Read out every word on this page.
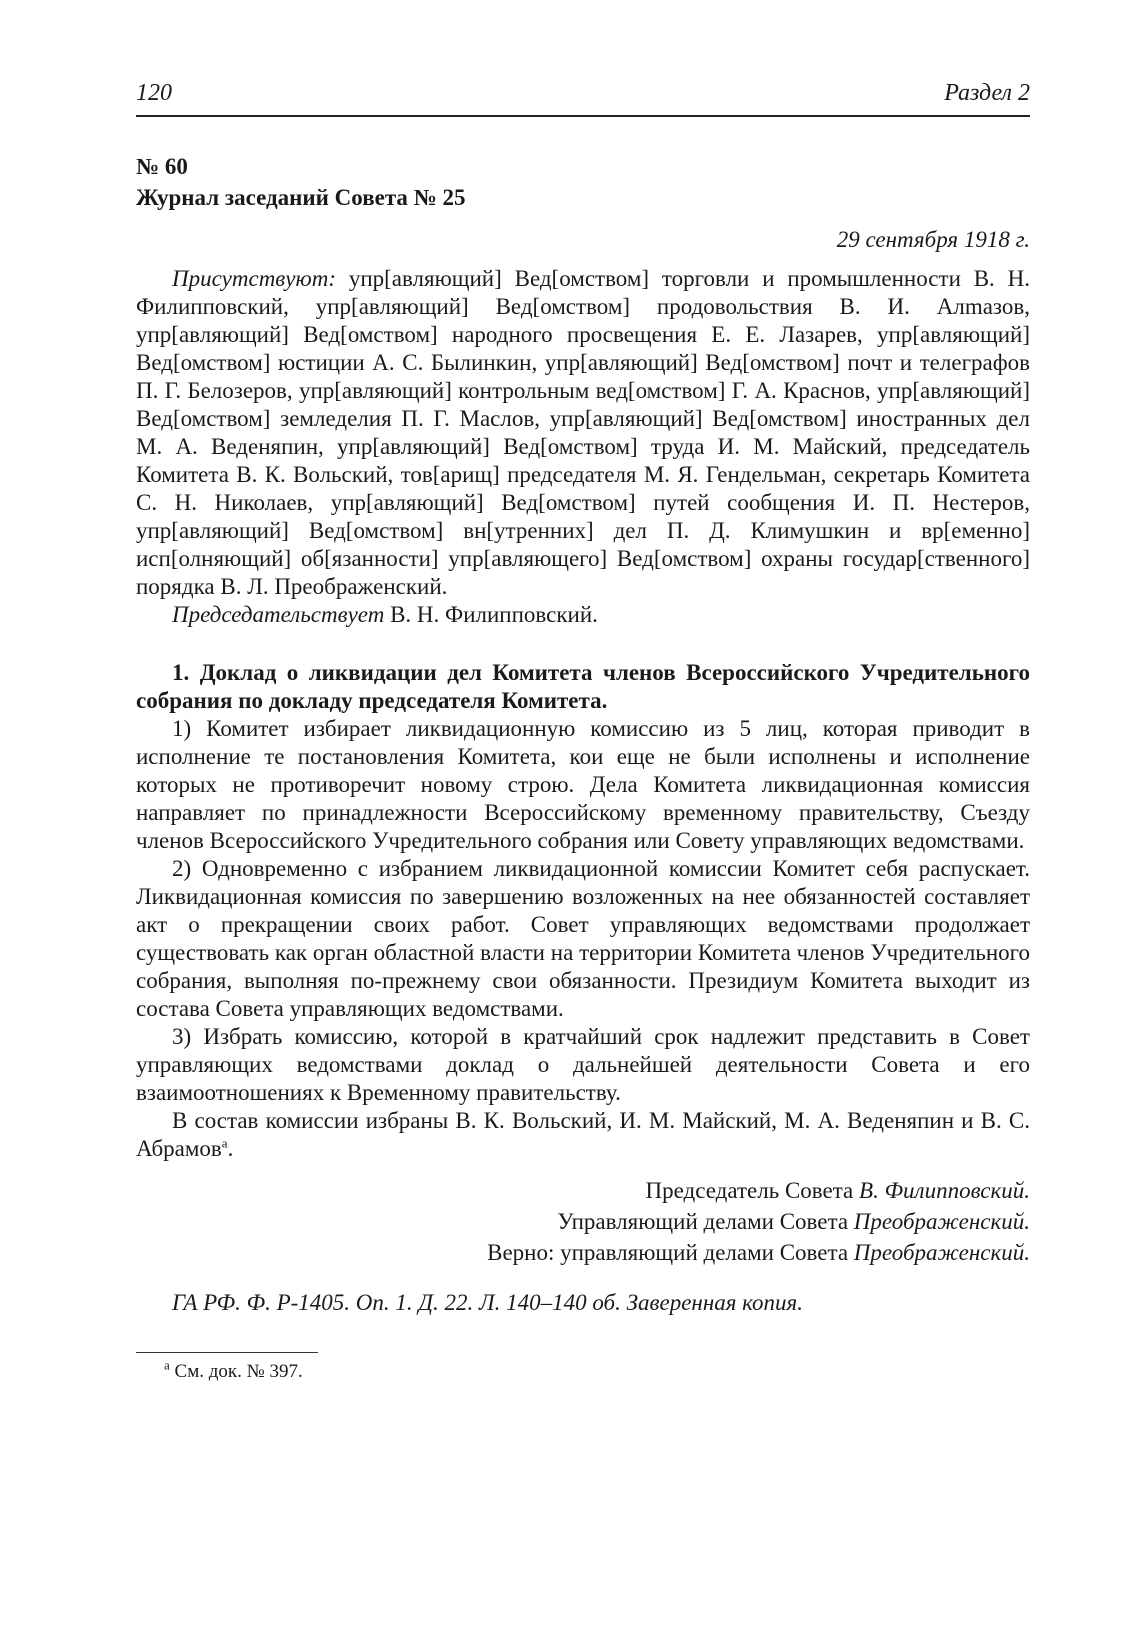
120	Раздел 2
№ 60
Журнал заседаний Совета № 25
29 сентября 1918 г.

Присутствуют: упр[авляющий] Вед[омством] торговли и промышленности В. Н. Филипповский, упр[авляющий] Вед[омством] продовольствия В. И. Алmазов, упр[авляющий] Вед[омством] народного просвещения Е. Е. Лазарев, упр[авляющий] Вед[омством] юстиции А. С. Былинкин, упр[авляющий] Вед[омством] почт и телеграфов П. Г. Белозеров, упр[авляющий] контрольным вед[омством] Г. А. Краснов, упр[авляющий] Вед[омством] земледелия П. Г. Маслов, упр[авляющий] Вед[омством] иностранных дел М. А. Веденяпин, упр[авляющий] Вед[омством] труда И. М. Майский, председатель Комитета В. К. Вольский, тов[арищ] председателя М. Я. Гендельман, секретарь Комитета С. Н. Николаев, упр[авляющий] Вед[омством] путей сообщения И. П. Нестеров, упр[авляющий] Вед[омством] вн[утренних] дел П. Д. Климушкин и вр[еменно] исп[олняющий] об[язанности] упр[авляющего] Вед[омством] охраны государ[ственного] порядка В. Л. Преображенский.

Председательствует В. Н. Филипповский.

1. Доклад о ликвидации дел Комитета членов Всероссийского Учредительного собрания по докладу председателя Комитета.

1) Комитет избирает ликвидационную комиссию из 5 лиц, которая приводит в исполнение те постановления Комитета, кои еще не были исполнены и исполнение которых не противоречит новому строю. Дела Комитета ликвидационная комиссия направляет по принадлежности Всероссийскому временному правительству, Съезду членов Всероссийского Учредительного собрания или Совету управляющих ведомствами.

2) Одновременно с избранием ликвидационной комиссии Комитет себя распускает. Ликвидационная комиссия по завершению возложенных на нее обязанностей составляет акт о прекращении своих работ. Совет управляющих ведомствами продолжает существовать как орган областной власти на территории Комитета членов Учредительного собрания, выполняя по-прежнему свои обязанности. Президиум Комитета выходит из состава Совета управляющих ведомствами.

3) Избрать комиссию, которой в кратчайший срок надлежит представить в Совет управляющих ведомствами доклад о дальнейшей деятельности Совета и его взаимоотношениях к Временному правительству.

В состав комиссии избраны В. К. Вольский, И. М. Майский, М. А. Веденяпин и В. С. Абрамов$^а$.

Председатель Совета В. Филипповский.
Управляющий делами Совета Преображенский.
Верно: управляющий делами Совета Преображенский.
ГА РФ. Ф. Р-1405. Оп. 1. Д. 22. Л. 140–140 об. Заверенная копия.
$^а$ См. док. № 397.
